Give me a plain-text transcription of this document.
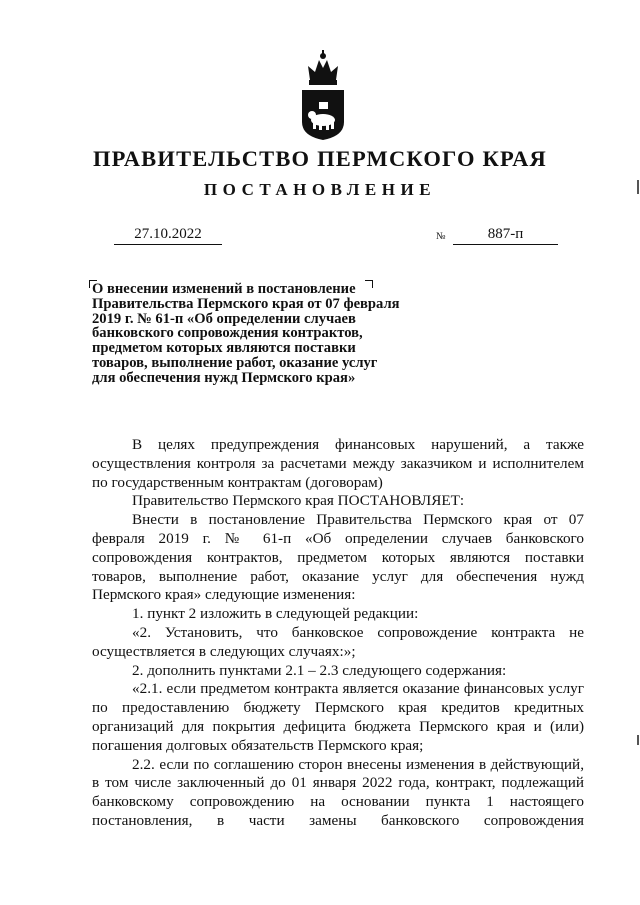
ПРАВИТЕЛЬСТВО ПЕРМСКОГО КРАЯ
ПОСТАНОВЛЕНИЕ
27.10.2022	№	887-п
О внесении изменений в постановление
Правительства Пермского края от 07 февраля
2019 г. № 61-п «Об определении случаев
банковского сопровождения контрактов,
предметом которых являются поставки
товаров, выполнение работ, оказание услуг
для обеспечения нужд Пермского края»

В целях предупреждения финансовых нарушений, а также осуществления контроля за расчетами между заказчиком и исполнителем по государственным контрактам (договорам)

Правительство Пермского края ПОСТАНОВЛЯЕТ:

Внести в постановление Правительства Пермского края от 07 февраля 2019 г. № 61-п «Об определении случаев банковского сопровождения контрактов, предметом которых являются поставки товаров, выполнение работ, оказание услуг для обеспечения нужд Пермского края» следующие изменения:

1. пункт 2 изложить в следующей редакции:

«2. Установить, что банковское сопровождение контракта не осуществляется в следующих случаях:»;

2. дополнить пунктами 2.1 – 2.3 следующего содержания:

«2.1. если предметом контракта является оказание финансовых услуг по предоставлению бюджету Пермского края кредитов кредитных организаций для покрытия дефицита бюджета Пермского края и (или) погашения долговых обязательств Пермского края;

2.2. если по соглашению сторон внесены изменения в действующий, в том числе заключенный до 01 января 2022 года, контракт, подлежащий банковскому сопровождению на основании пункта 1 настоящего постановления, в части замены банковского сопровождения
